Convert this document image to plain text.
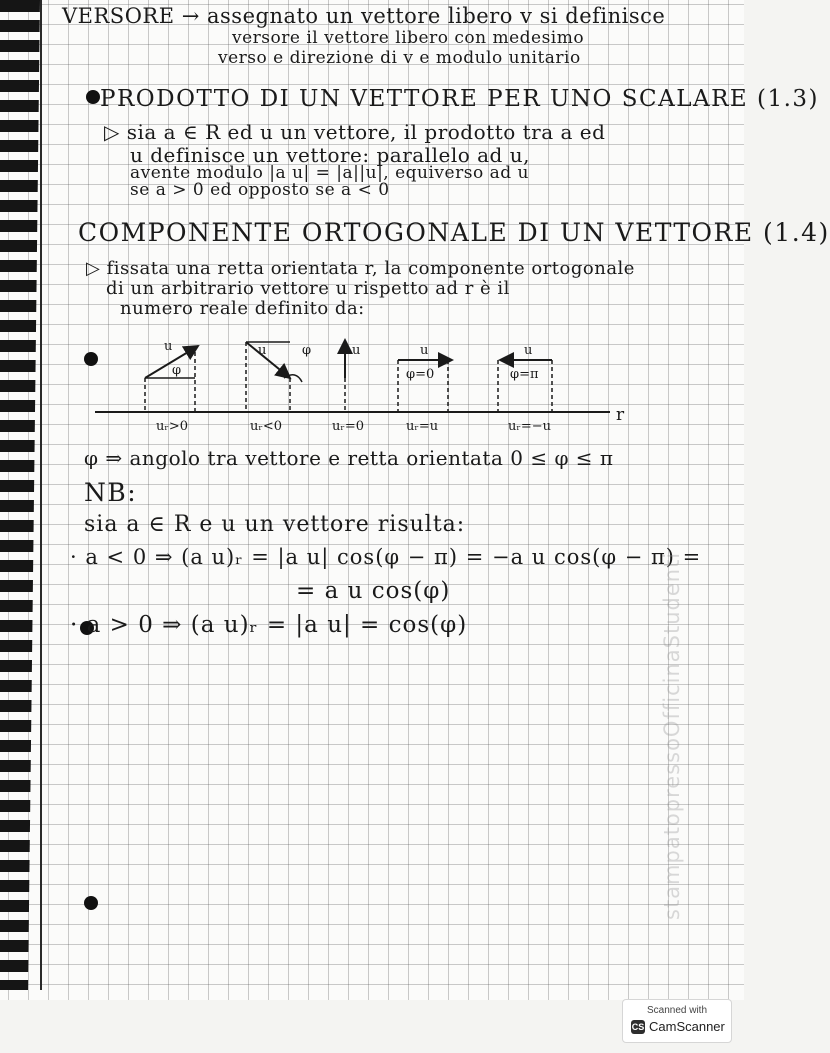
VERSORE → assegnato un vettore libero v si definisce
versore il vettore libero con medesimo
verso e direzione di v e modulo unitario
PRODOTTO DI UN VETTORE PER UNO SCALARE (1.3)
▷ sia a ∈ R ed u un vettore, il prodotto tra a ed
u definisce un vettore: parallelo ad u,
avente modulo |a u| = |a||u|, equiverso ad u
se a > 0 ed opposto se a < 0
COMPONENTE ORTOGONALE DI UN VETTORE (1.4)
▷ fissata una retta orientata r, la componente ortogonale
di un arbitrario vettore u rispetto ad r è il
numero reale definito da:
r
u
φ
uᵣ>0
u	φ
uᵣ<0
u
uᵣ=0
u
φ=0
uᵣ=u
u
φ=π
uᵣ=−u
φ ⇒ angolo tra vettore e retta orientata 0 ≤ φ ≤ π
NB:
sia a ∈ R e u un vettore risulta:
· a < 0 ⇒ (a u)ᵣ = |a u| cos(φ − π) = −a u cos(φ − π) =
= a u cos(φ)
· a > 0 ⇒ (a u)ᵣ = |a u| = cos(φ)	stampatopressoOfficinaStudenti
Scanned with
CS CamScanner
